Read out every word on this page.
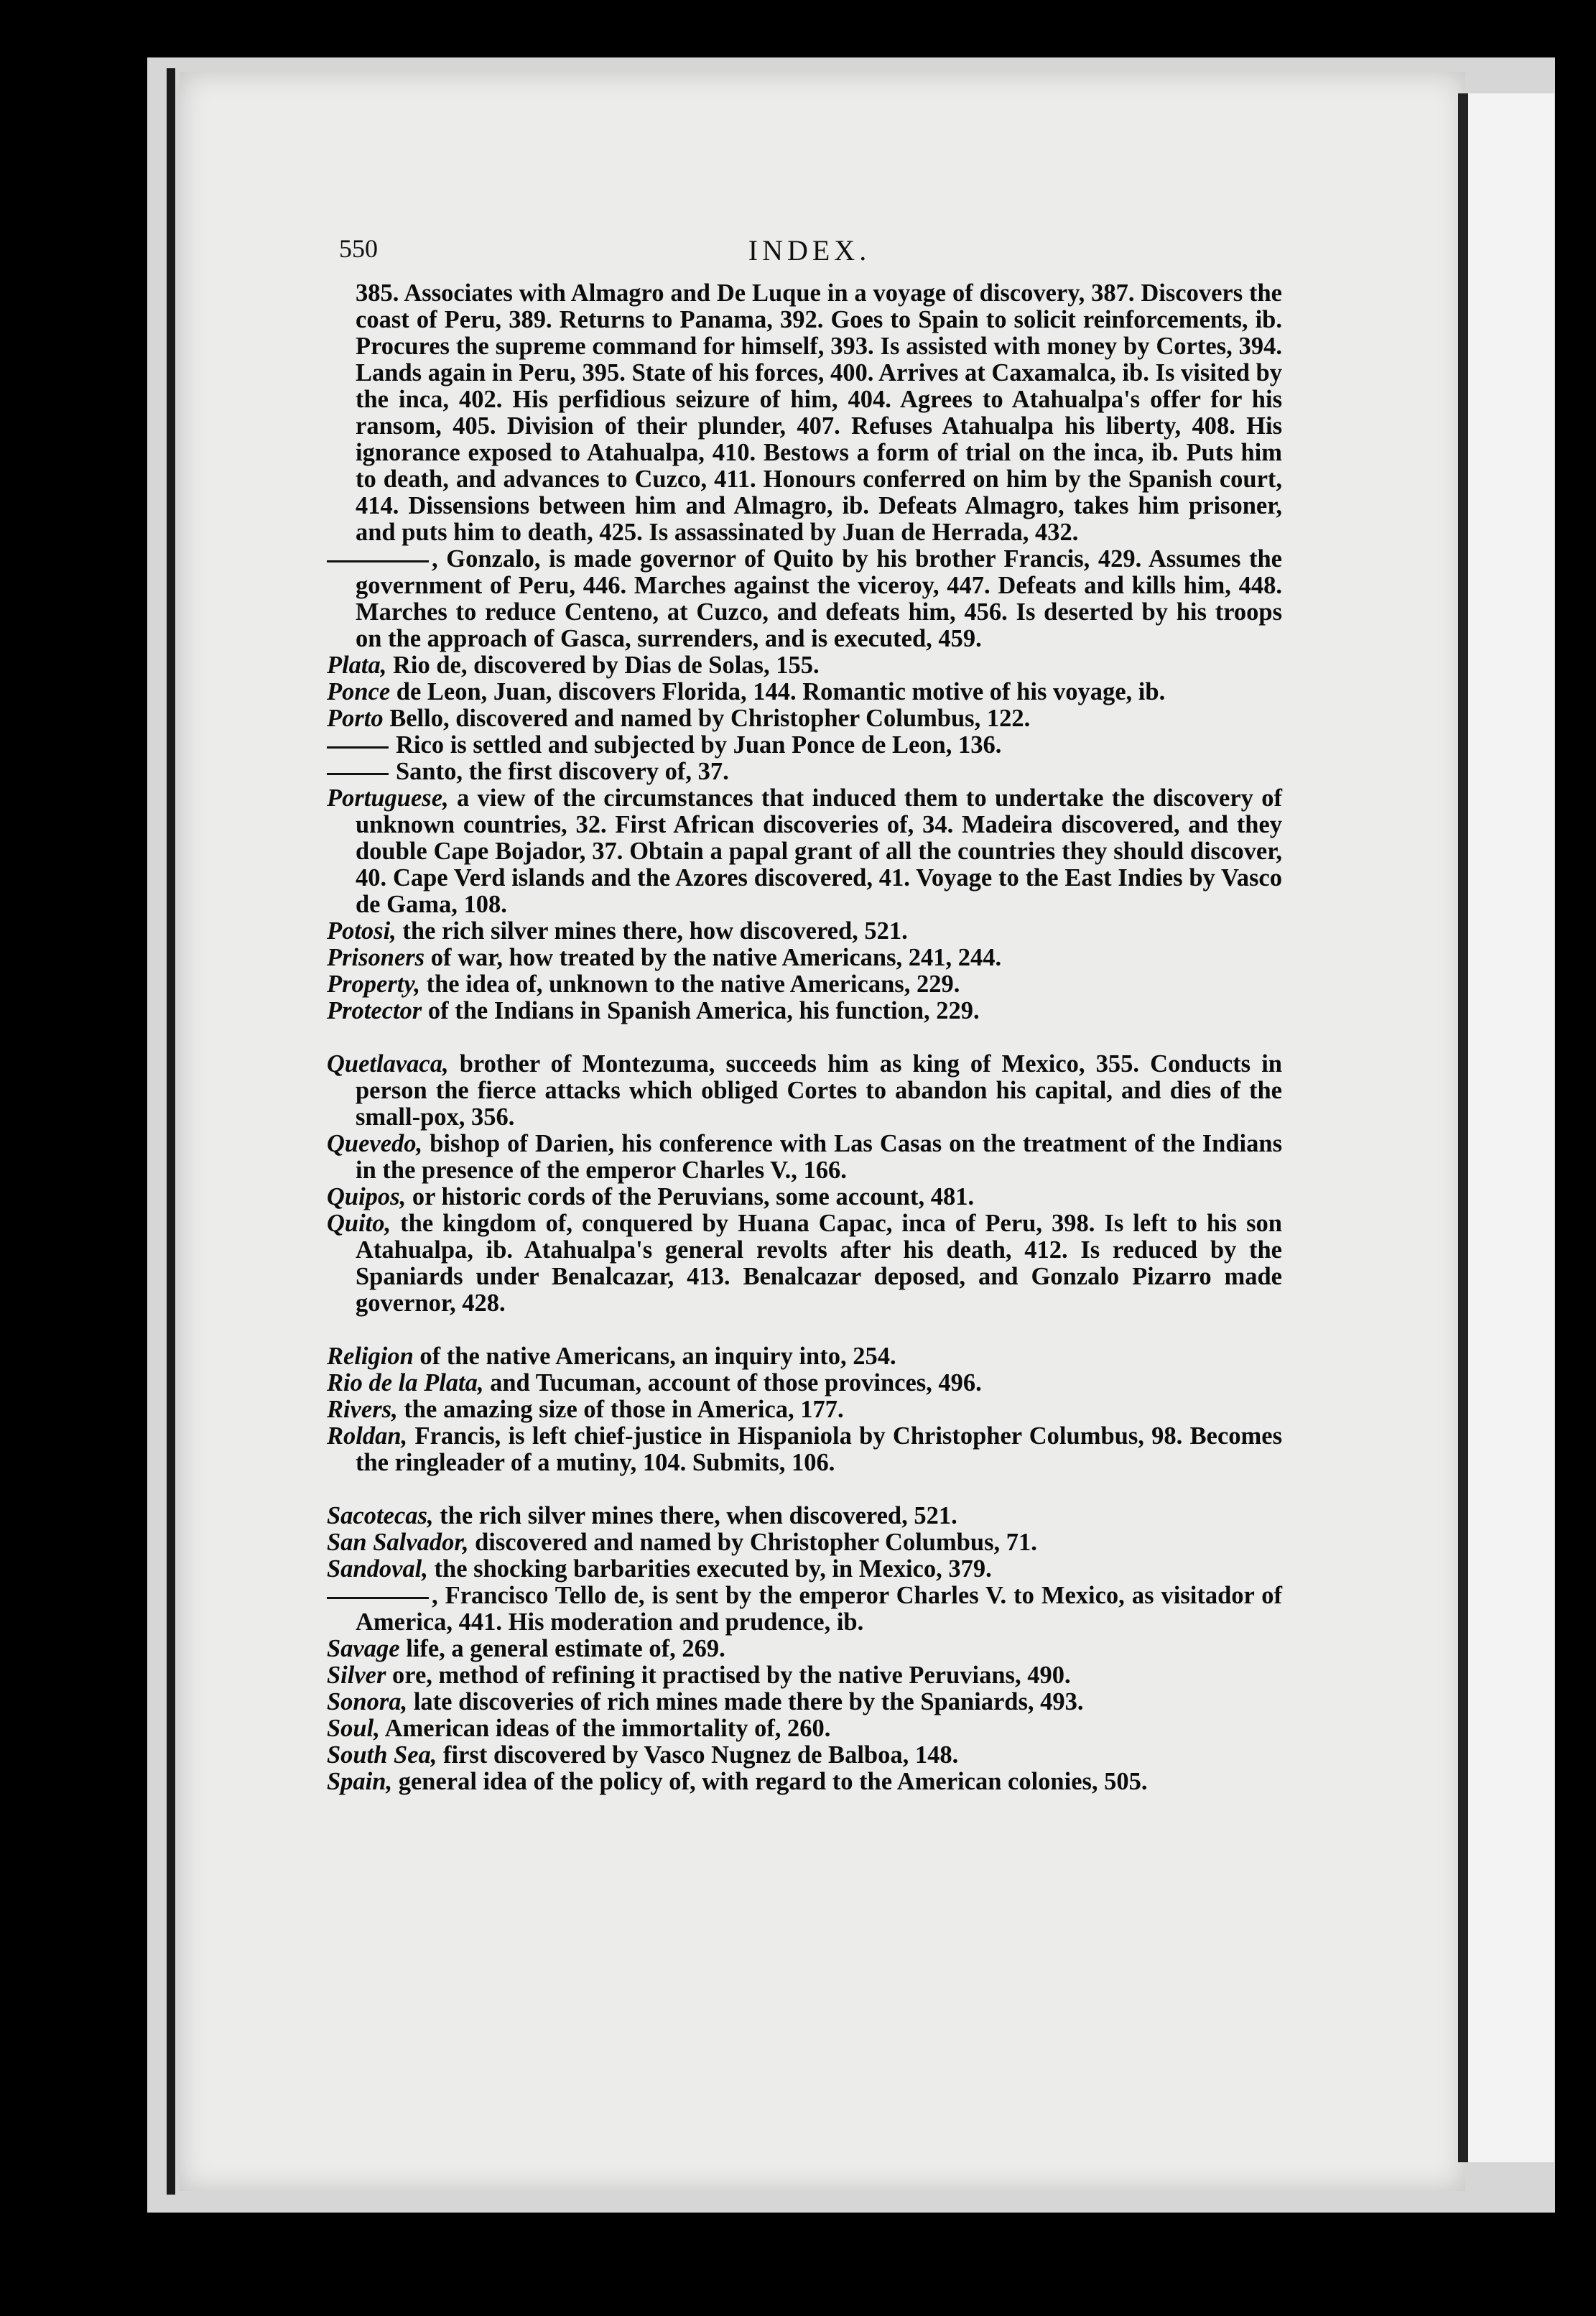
550	INDEX.

385. Associates with Almagro and De Luque in a voyage of discovery, 387. Discovers the coast of Peru, 389. Returns to Panama, 392. Goes to Spain to solicit reinforcements, ib. Procures the supreme command for himself, 393. Is assisted with money by Cortes, 394. Lands again in Peru, 395. State of his forces, 400. Arrives at Caxamalca, ib. Is visited by the inca, 402. His perfidious seizure of him, 404. Agrees to Atahualpa's offer for his ransom, 405. Division of their plunder, 407. Refuses Atahualpa his liberty, 408. His ignorance exposed to Atahualpa, 410. Bestows a form of trial on the inca, ib. Puts him to death, and advances to Cuzco, 411. Honours conferred on him by the Spanish court, 414. Dissensions between him and Almagro, ib. Defeats Almagro, takes him prisoner, and puts him to death, 425. Is assassinated by Juan de Herrada, 432.

, Gonzalo, is made governor of Quito by his brother Francis, 429. Assumes the government of Peru, 446. Marches against the viceroy, 447. Defeats and kills him, 448. Marches to reduce Centeno, at Cuzco, and defeats him, 456. Is deserted by his troops on the approach of Gasca, surrenders, and is executed, 459.

Plata, Rio de, discovered by Dias de Solas, 155.

Ponce de Leon, Juan, discovers Florida, 144. Romantic motive of his voyage, ib.

Porto Bello, discovered and named by Christopher Columbus, 122.

Rico is settled and subjected by Juan Ponce de Leon, 136.

Santo, the first discovery of, 37.

Portuguese, a view of the circumstances that induced them to undertake the discovery of unknown countries, 32. First African discoveries of, 34. Madeira discovered, and they double Cape Bojador, 37. Obtain a papal grant of all the countries they should discover, 40. Cape Verd islands and the Azores discovered, 41. Voyage to the East Indies by Vasco de Gama, 108.

Potosi, the rich silver mines there, how discovered, 521.

Prisoners of war, how treated by the native Americans, 241, 244.

Property, the idea of, unknown to the native Americans, 229.

Protector of the Indians in Spanish America, his function, 229.

Quetlavaca, brother of Montezuma, succeeds him as king of Mexico, 355. Conducts in person the fierce attacks which obliged Cortes to abandon his capital, and dies of the small-pox, 356.

Quevedo, bishop of Darien, his conference with Las Casas on the treatment of the Indians in the presence of the emperor Charles V., 166.

Quipos, or historic cords of the Peruvians, some account, 481.

Quito, the kingdom of, conquered by Huana Capac, inca of Peru, 398. Is left to his son Atahualpa, ib. Atahualpa's general revolts after his death, 412. Is reduced by the Spaniards under Benalcazar, 413. Benalcazar deposed, and Gonzalo Pizarro made governor, 428.

Religion of the native Americans, an inquiry into, 254.

Rio de la Plata, and Tucuman, account of those provinces, 496.

Rivers, the amazing size of those in America, 177.

Roldan, Francis, is left chief-justice in Hispaniola by Christopher Columbus, 98. Becomes the ringleader of a mutiny, 104. Submits, 106.

Sacotecas, the rich silver mines there, when discovered, 521.

San Salvador, discovered and named by Christopher Columbus, 71.

Sandoval, the shocking barbarities executed by, in Mexico, 379.

, Francisco Tello de, is sent by the emperor Charles V. to Mexico, as visitador of America, 441. His moderation and prudence, ib.

Savage life, a general estimate of, 269.

Silver ore, method of refining it practised by the native Peruvians, 490.

Sonora, late discoveries of rich mines made there by the Spaniards, 493.

Soul, American ideas of the immortality of, 260.

South Sea, first discovered by Vasco Nugnez de Balboa, 148.

Spain, general idea of the policy of, with regard to the American colonies, 505.
